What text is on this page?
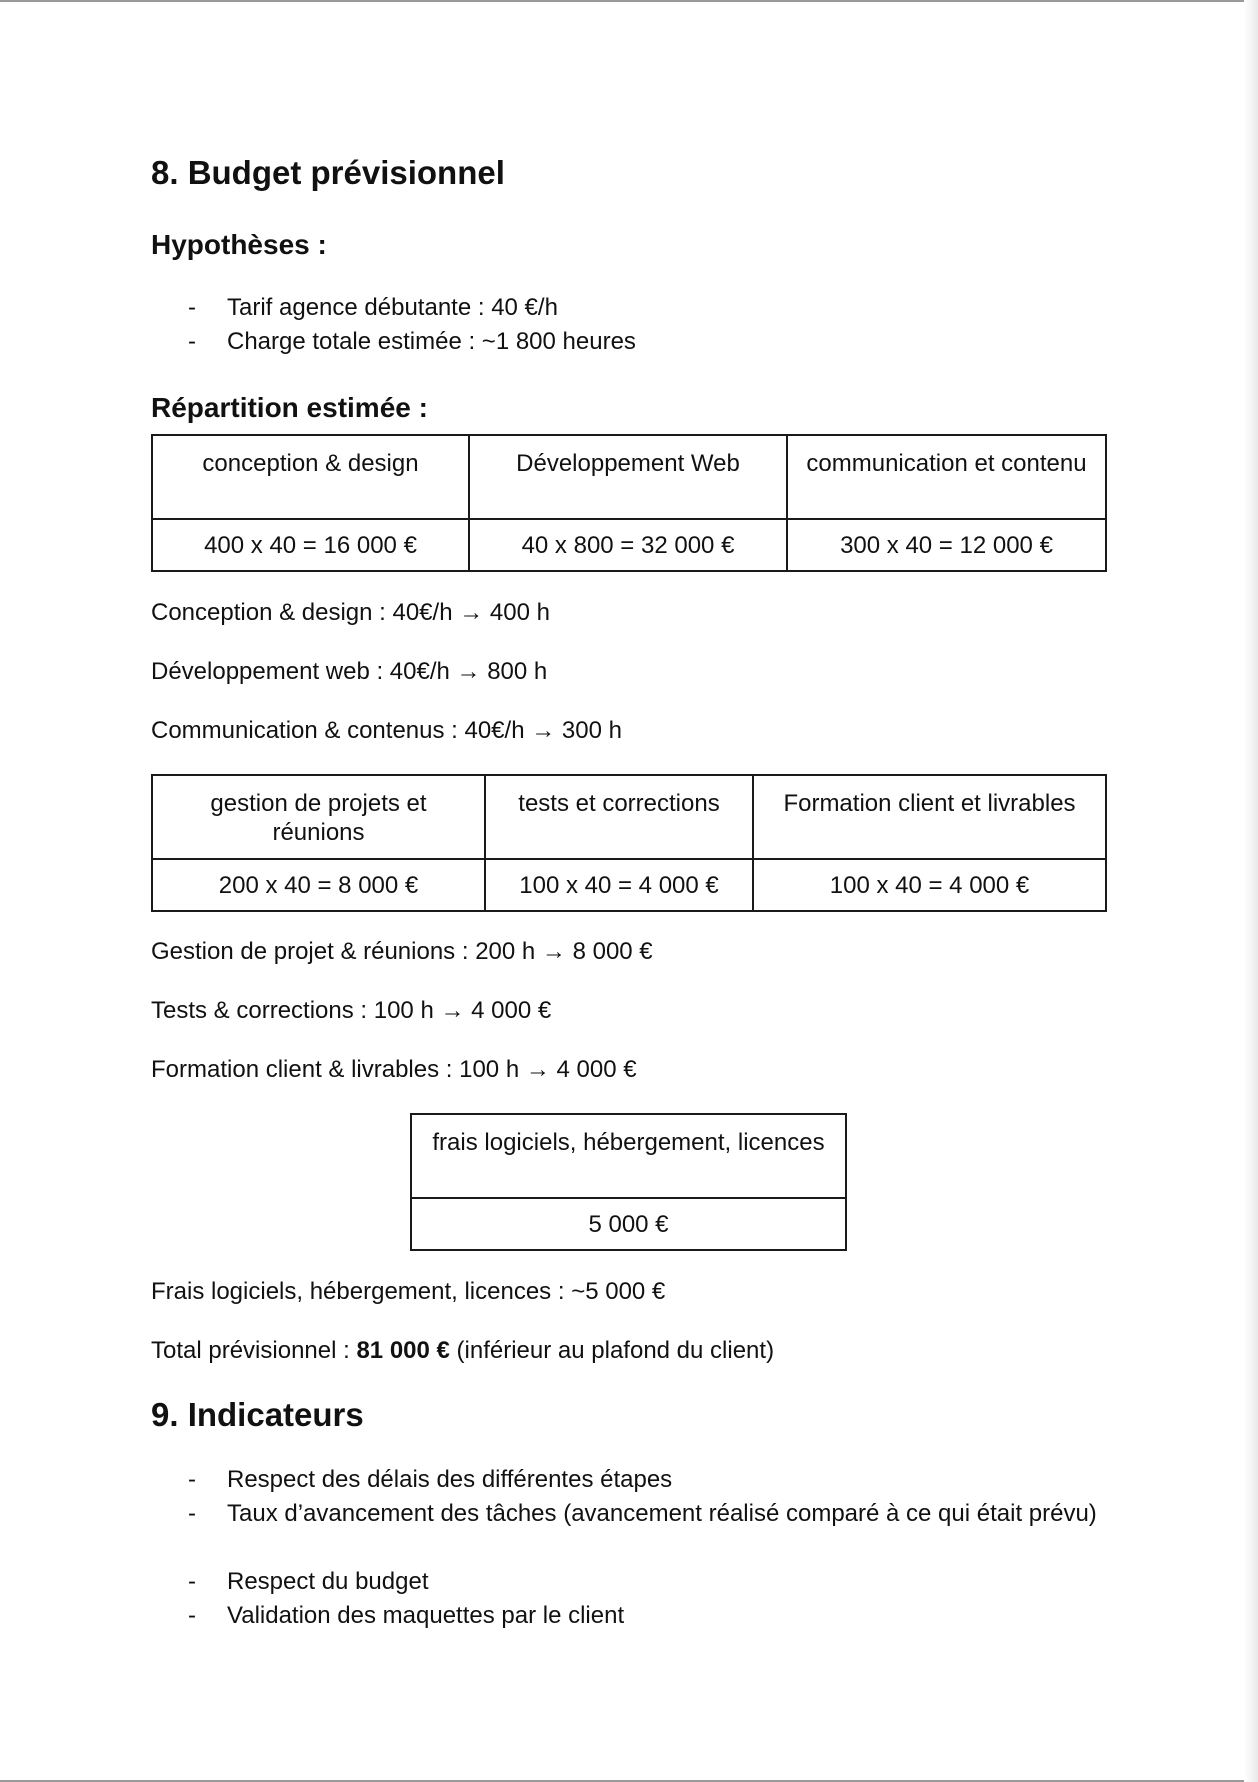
8. Budget prévisionnel
Hypothèses :
- Tarif agence débutante : 40 €/h
- Charge totale estimée : ~1 800 heures
Répartition estimée :
conception & design	Développement Web	communication et contenu
400 x 40 = 16 000 €	40 x 800 = 32 000 €	300 x 40 = 12 000 €

Conception & design : 40€/h → 400 h

Développement web : 40€/h → 800 h

Communication & contenus : 40€/h → 300 h

gestion de projets et réunions	tests et corrections	Formation client et livrables
200 x 40 = 8 000 €	100 x 40 = 4 000 €	100 x 40 = 4 000 €

Gestion de projet & réunions : 200 h → 8 000 €

Tests & corrections : 100 h → 4 000 €

Formation client & livrables : 100 h → 4 000 €

frais logiciels, hébergement, licences
5 000 €

Frais logiciels, hébergement, licences : ~5 000 €

Total prévisionnel : 81 000 € (inférieur au plafond du client)

9. Indicateurs
- Respect des délais des différentes étapes
- Taux d’avancement des tâches (avancement réalisé comparé à ce qui était prévu)
- Respect du budget
- Validation des maquettes par le client
